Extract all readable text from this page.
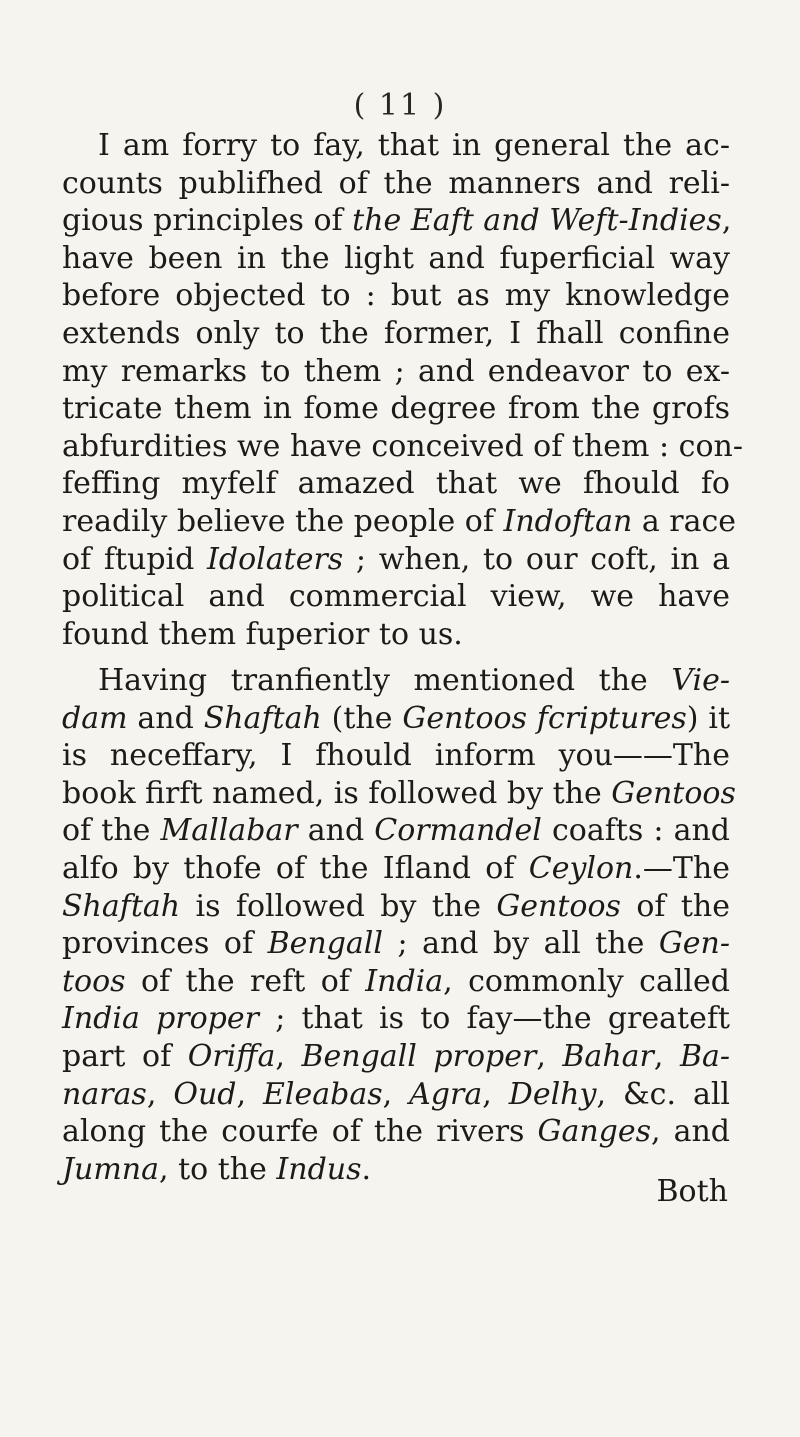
( 11 )
I am forry to fay, that in general the ac-
counts publifhed of the manners and reli-
gious principles of the Eaft and Weft-Indies,
have been in the light and fuperficial way
before objected to : but as my knowledge
extends only to the former, I fhall confine
my remarks to them ; and endeavor to ex-
tricate them in fome degree from the grofs
abfurdities we have conceived of them : con-
feffing myfelf amazed that we fhould fo
readily believe the people of Indoftan a race
of ftupid Idolaters ; when, to our coft, in a
political and commercial view, we have
found them fuperior to us.
Having tranfiently mentioned the Vie-
dam and Shaftah (the Gentoos fcriptures) it
is neceffary, I fhould inform you——The
book firft named, is followed by the Gentoos
of the Mallabar and Cormandel coafts : and
alfo by thofe of the Ifland of Ceylon.—The
Shaftah is followed by the Gentoos of the
provinces of Bengall ; and by all the Gen-
toos of the reft of India, commonly called
India proper ; that is to fay—the greateft
part of Oriffa, Bengall proper, Bahar, Ba-
naras, Oud, Eleabas, Agra, Delhy, &c. all
along the courfe of the rivers Ganges, and
Jumna, to the Indus.
Both
